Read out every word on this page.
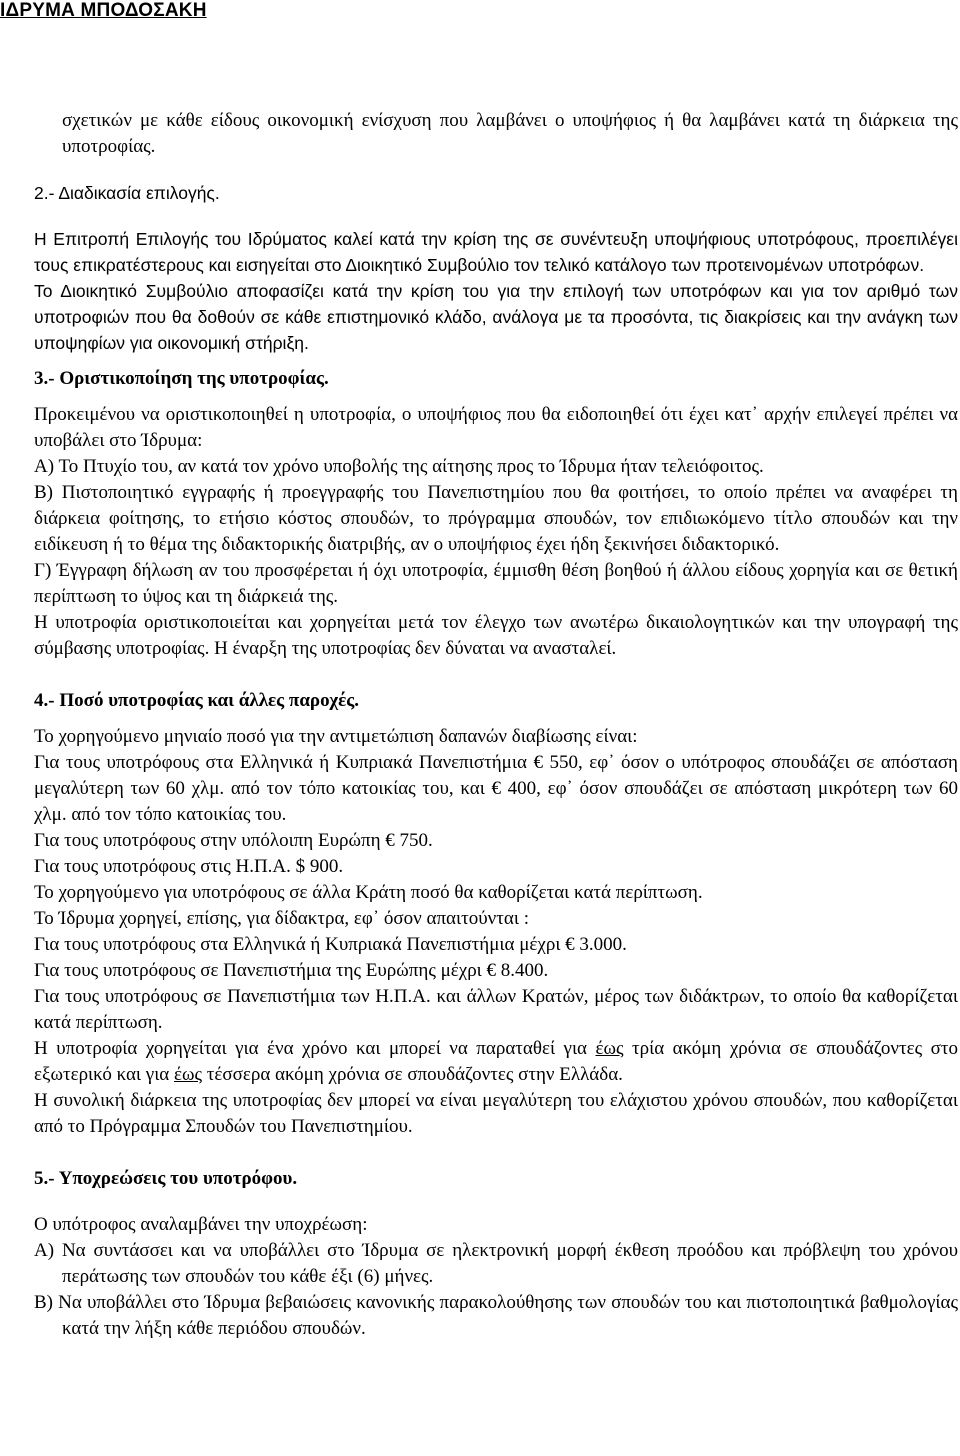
ΙΔΡΥΜΑ ΜΠΟΔΟΣΑΚΗ

σχετικών με κάθε είδους οικονομική ενίσχυση που λαμβάνει ο υποψήφιος ή θα λαμβάνει κατά τη διάρκεια της υποτροφίας.

2.- Διαδικασία επιλογής.

Η Επιτροπή Επιλογής του Ιδρύματος καλεί κατά την κρίση της σε συνέντευξη υποψήφιους υποτρόφους, προεπιλέγει τους επικρατέστερους και εισηγείται στο Διοικητικό Συμβούλιο τον τελικό κατάλογο των προτεινομένων υποτρόφων.

Το Διοικητικό Συμβούλιο αποφασίζει κατά την κρίση του για την επιλογή των υποτρόφων και για τον αριθμό των υποτροφιών που θα δοθούν σε κάθε επιστημονικό κλάδο, ανάλογα με τα προσόντα, τις διακρίσεις και την ανάγκη των υποψηφίων για οικονομική στήριξη.

3.- Οριστικοποίηση της υποτροφίας.

Προκειμένου να οριστικοποιηθεί η υποτροφία, ο υποψήφιος που θα ειδοποιηθεί ότι έχει κατ᾽ αρχήν επιλεγεί πρέπει να υποβάλει στο Ίδρυμα:

Α) Το Πτυχίο του, αν κατά τον χρόνο υποβολής της αίτησης προς το Ίδρυμα ήταν τελειόφοιτος.

Β) Πιστοποιητικό εγγραφής ή προεγγραφής του Πανεπιστημίου που θα φοιτήσει, το οποίο πρέπει να αναφέρει τη διάρκεια φοίτησης, το ετήσιο κόστος σπουδών, το πρόγραμμα σπουδών, τον επιδιωκόμενο τίτλο σπουδών και την ειδίκευση ή το θέμα της διδακτορικής διατριβής, αν ο υποψήφιος έχει ήδη ξεκινήσει διδακτορικό.

Γ) Έγγραφη δήλωση αν του προσφέρεται ή όχι υποτροφία, έμμισθη θέση βοηθού ή άλλου είδους χορηγία και σε θετική περίπτωση το ύψος και τη διάρκειά της.

Η υποτροφία οριστικοποιείται και χορηγείται μετά τον έλεγχο των ανωτέρω δικαιολογητικών και την υπογραφή της σύμβασης υποτροφίας. Η έναρξη της υποτροφίας δεν δύναται να ανασταλεί.

4.- Ποσό υποτροφίας και άλλες παροχές.

Το χορηγούμενο μηνιαίο ποσό για την αντιμετώπιση δαπανών διαβίωσης είναι:

Για τους υποτρόφους στα Ελληνικά ή Κυπριακά Πανεπιστήμια € 550, εφ᾽ όσον ο υπότροφος σπουδάζει σε απόσταση μεγαλύτερη των 60 χλμ. από τον τόπο κατοικίας του, και € 400, εφ᾽ όσον σπουδάζει σε απόσταση μικρότερη των 60 χλμ. από τον τόπο κατοικίας του.

Για τους υποτρόφους στην υπόλοιπη Ευρώπη € 750.

Για τους υποτρόφους στις Η.Π.Α. $ 900.

Το χορηγούμενο για υποτρόφους σε άλλα Κράτη ποσό θα καθορίζεται κατά περίπτωση.

Το Ίδρυμα χορηγεί, επίσης, για δίδακτρα, εφ᾽ όσον απαιτούνται :

Για τους υποτρόφους στα Ελληνικά ή Κυπριακά Πανεπιστήμια μέχρι € 3.000.

Για τους υποτρόφους σε Πανεπιστήμια της Ευρώπης μέχρι € 8.400.

Για τους υποτρόφους σε Πανεπιστήμια των Η.Π.Α. και άλλων Κρατών, μέρος των διδάκτρων, το οποίο θα καθορίζεται κατά περίπτωση.

Η υποτροφία χορηγείται για ένα χρόνο και μπορεί να παραταθεί για έως τρία ακόμη χρόνια σε σπουδάζοντες στο εξωτερικό και για έως τέσσερα ακόμη χρόνια σε σπουδάζοντες στην Ελλάδα.

Η συνολική διάρκεια της υποτροφίας δεν μπορεί να είναι μεγαλύτερη του ελάχιστου χρόνου σπουδών, που καθορίζεται από το Πρόγραμμα Σπουδών του Πανεπιστημίου.

5.- Υποχρεώσεις του υποτρόφου.

Ο υπότροφος αναλαμβάνει την υποχρέωση:

Α) Να συντάσσει και να υποβάλλει στο Ίδρυμα σε ηλεκτρονική μορφή έκθεση προόδου και πρόβλεψη του χρόνου περάτωσης των σπουδών του κάθε έξι (6) μήνες.

Β) Να υποβάλλει στο Ίδρυμα βεβαιώσεις κανονικής παρακολούθησης των σπουδών του και πιστοποιητικά βαθμολογίας κατά την λήξη κάθε περιόδου σπουδών.
